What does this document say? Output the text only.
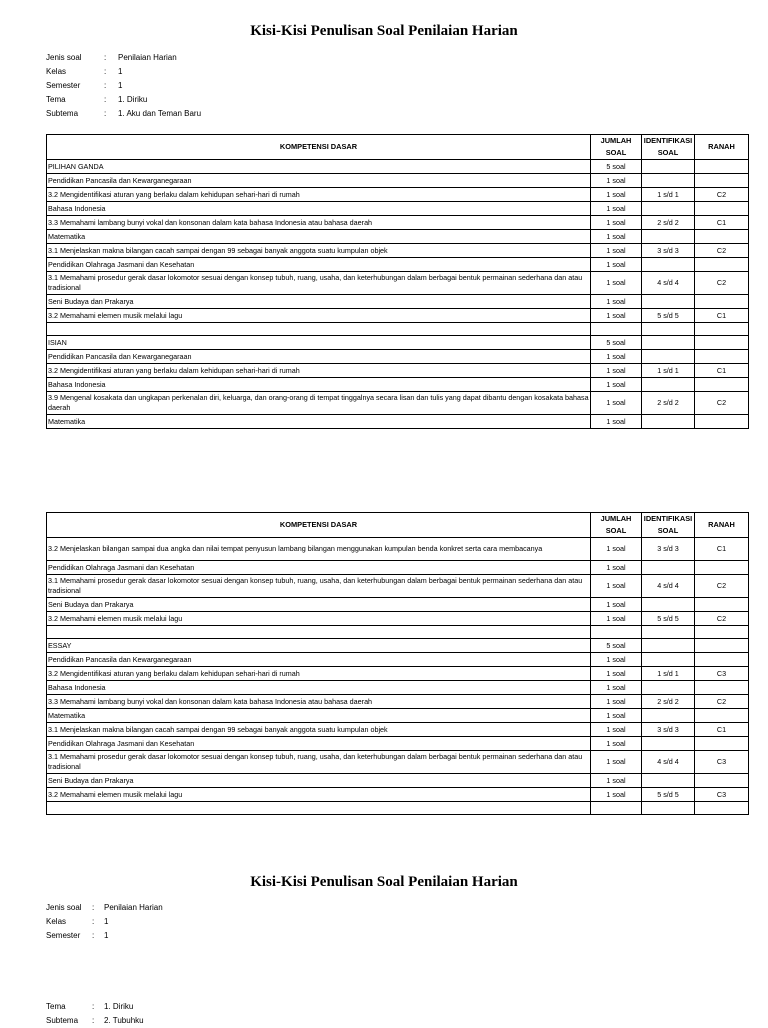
Kisi-Kisi Penulisan Soal Penilaian Harian
Jenis soal	:	Penilaian Harian
Kelas	:	1
Semester	:	1
Tema	:	1. Diriku
Subtema	:	1. Aku dan Teman Baru
KOMPETENSI DASAR	JUMLAH SOAL	IDENTIFIKASI SOAL	RANAH
PILIHAN GANDA	5 soal		
Pendidikan Pancasila dan Kewarganegaraan	1 soal		
3.2 Mengidentifikasi aturan yang berlaku dalam kehidupan sehari-hari di rumah	1 soal	1 s/d 1	C2
Bahasa Indonesia	1 soal		
3.3 Memahami lambang bunyi vokal dan konsonan dalam kata bahasa Indonesia atau bahasa daerah	1 soal	2 s/d 2	C1
Matematika	1 soal		
3.1 Menjelaskan makna bilangan cacah sampai dengan 99 sebagai banyak anggota suatu kumpulan objek	1 soal	3 s/d 3	C2
Pendidikan Olahraga Jasmani dan Kesehatan	1 soal		
3.1 Memahami prosedur gerak dasar lokomotor sesuai dengan konsep tubuh, ruang, usaha, dan keterhubungan dalam berbagai bentuk permainan sederhana dan atau tradisional	1 soal	4 s/d 4	C2
Seni Budaya dan Prakarya	1 soal		
3.2 Memahami elemen musik melalui lagu	1 soal	5 s/d 5	C1

ISIAN	5 soal		
Pendidikan Pancasila dan Kewarganegaraan	1 soal		
3.2 Mengidentifikasi aturan yang berlaku dalam kehidupan sehari-hari di rumah	1 soal	1 s/d 1	C1
Bahasa Indonesia	1 soal		
3.9 Mengenal kosakata dan ungkapan perkenalan diri, keluarga, dan orang-orang di tempat tinggalnya secara lisan dan tulis yang dapat dibantu dengan kosakata bahasa daerah	1 soal	2 s/d 2	C2
Matematika	1 soal		
KOMPETENSI DASAR	JUMLAH SOAL	IDENTIFIKASI SOAL	RANAH
3.2 Menjelaskan bilangan sampai dua angka dan nilai tempat penyusun lambang bilangan menggunakan kumpulan benda konkret serta cara membacanya	1 soal	3 s/d 3	C1
Pendidikan Olahraga Jasmani dan Kesehatan	1 soal		
3.1 Memahami prosedur gerak dasar lokomotor sesuai dengan konsep tubuh, ruang, usaha, dan keterhubungan dalam berbagai bentuk permainan sederhana dan atau tradisional	1 soal	4 s/d 4	C2
Seni Budaya dan Prakarya	1 soal		
3.2 Memahami elemen musik melalui lagu	1 soal	5 s/d 5	C2

ESSAY	5 soal		
Pendidikan Pancasila dan Kewarganegaraan	1 soal		
3.2 Mengidentifikasi aturan yang berlaku dalam kehidupan sehari-hari di rumah	1 soal	1 s/d 1	C3
Bahasa Indonesia	1 soal		
3.3 Memahami lambang bunyi vokal dan konsonan dalam kata bahasa Indonesia atau bahasa daerah	1 soal	2 s/d 2	C2
Matematika	1 soal		
3.1 Menjelaskan makna bilangan cacah sampai dengan 99 sebagai banyak anggota suatu kumpulan objek	1 soal	3 s/d 3	C1
Pendidikan Olahraga Jasmani dan Kesehatan	1 soal		
3.1 Memahami prosedur gerak dasar lokomotor sesuai dengan konsep tubuh, ruang, usaha, dan keterhubungan dalam berbagai bentuk permainan sederhana dan atau tradisional	1 soal	4 s/d 4	C3
Seni Budaya dan Prakarya	1 soal		
3.2 Memahami elemen musik melalui lagu	1 soal	5 s/d 5	C3

Kisi-Kisi Penulisan Soal Penilaian Harian
Jenis soal	:	Penilaian Harian
Kelas	:	1
Semester	:	1
Tema	:	1. Diriku
Subtema	:	2. Tubuhku
